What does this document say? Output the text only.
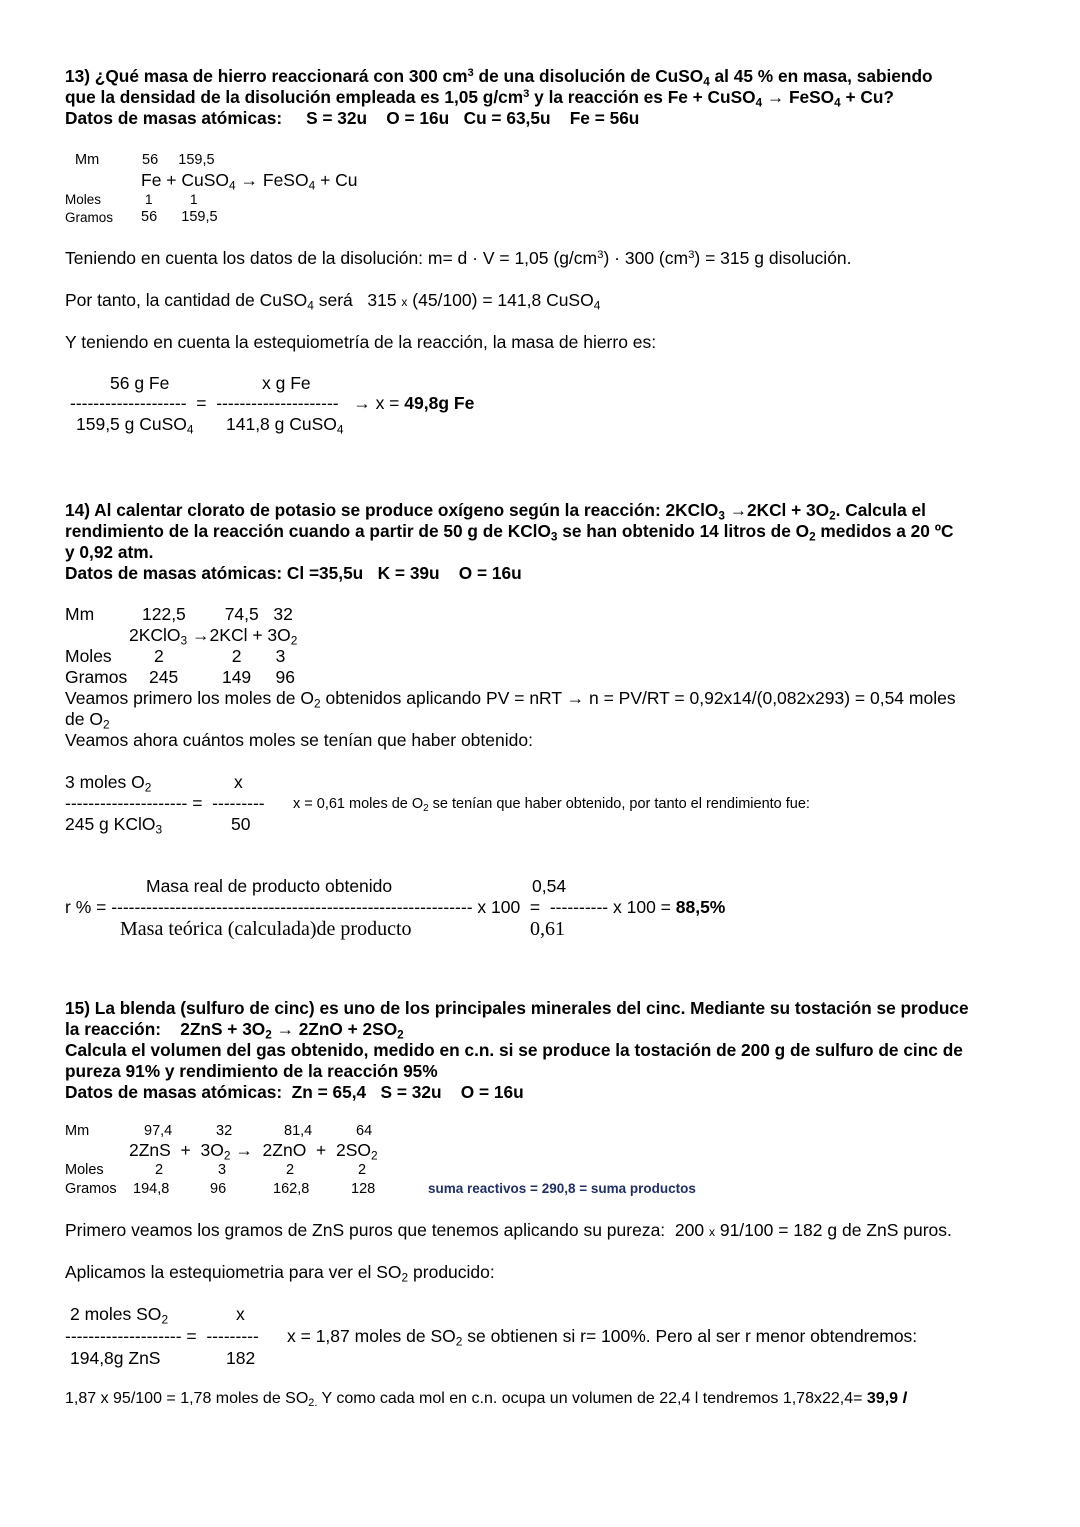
13) ¿Qué masa de hierro reaccionará con 300 $cm^3$ de una disolución de CuSO$_4$ al 45 % en masa, sabiendo
que la densidad de la disolución empleada es 1,05 $g/cm^3$ y la reacción es Fe + CuSO$_4$ → FeSO$_4$ + Cu?
Datos de masas atómicas:     S = 32u    O = 16u   Cu = 63,5u    Fe = 56u
Mm	56     159,5
Fe + CuSO$_4$ → FeSO$_4$ + Cu
Moles	1          1
Gramos 56      159,5
Teniendo en cuenta los datos de la disolución: m= d · V = 1,05 $(g/cm^3) \cdot 300$ $(cm^3) = 315$ g disolución.
Por tanto, la cantidad de CuSO$_4$ será   315 x (45/100) = 141,8 CuSO$_4$
Y teniendo en cuenta la estequiometría de la reacción, la masa de hierro es:
56 g Fe	x g Fe
--------------------  =  --------------------- → x = 49,8g Fe
159,5 g CuSO$_4$ 141,8 g CuSO$_4$
14) Al calentar clorato de potasio se produce oxígeno según la reacción: 2KClO$_3$ $\to 2KCl + 3O_2$. Calcula el
rendimiento de la reacción cuando a partir de 50 g de KClO$_3$ se han obtenido 14 litros de $O_2$ medidos a 20 ºC
y 0,92 atm.
Datos de masas atómicas: Cl =35,5u   K = 39u    O = 16u
Mm	122,5        74,5   32
2KClO$_3$ $\to 2KCl + 3O_2$
Moles 2              2       3
Gramos 245         149     96
Veamos primero los moles de $O_2$ obtenidos aplicando PV = nRT → n = PV/RT = 0,92x14/(0,082x293) = 0,54 moles
de $O_2$
Veamos ahora cuántos moles se tenían que haber obtenido:
3 moles $O_2$	x
--------------------- =  --------- x = 0,61 moles de $O_2$ se tenían que haber obtenido, por tanto el rendimiento fue:
245 g KClO$_3$	50
Masa real de producto obtenido	0,54
r % = -------------------------------------------------------------- x 100  =  ---------- x 100 = 88,5%
Masa teórica (calculada)de producto	0,61
15) La blenda (sulfuro de cinc) es uno de los principales minerales del cinc. Mediante su tostación se produce
la reacción:    $2ZnS + 3O_2 \to 2ZnO + 2SO_2$
Calcula el volumen del gas obtenido, medido en c.n. si se produce la tostación de 200 g de sulfuro de cinc de
pureza 91% y rendimiento de la reacción 95%
Datos de masas atómicas:  Zn = 65,4   S = 32u    O = 16u
Mm	97,4	32	81,4	64
$2ZnS + 3O_2 \to 2ZnO + 2SO_2$
Moles	2	3	2	2
Gramos 194,8	96	162,8	128	suma reactivos = 290,8 = suma productos
Primero veamos los gramos de ZnS puros que tenemos aplicando su pureza:  200 x 91/100 = 182 g de ZnS puros.
Aplicamos la estequiometria para ver el $SO_2$ producido:
2 moles $SO_2$	x
-------------------- =  --------- x = 1,87 moles de $SO_2$ se obtienen si r= 100%. Pero al ser r menor obtendremos:
194,8g ZnS	182
1,87 x 95/100 = 1,78 moles de $SO_{2.}$ Y como cada mol en c.n. ocupa un volumen de 22,4 l tendremos 1,78x22,4= 39,9 l
